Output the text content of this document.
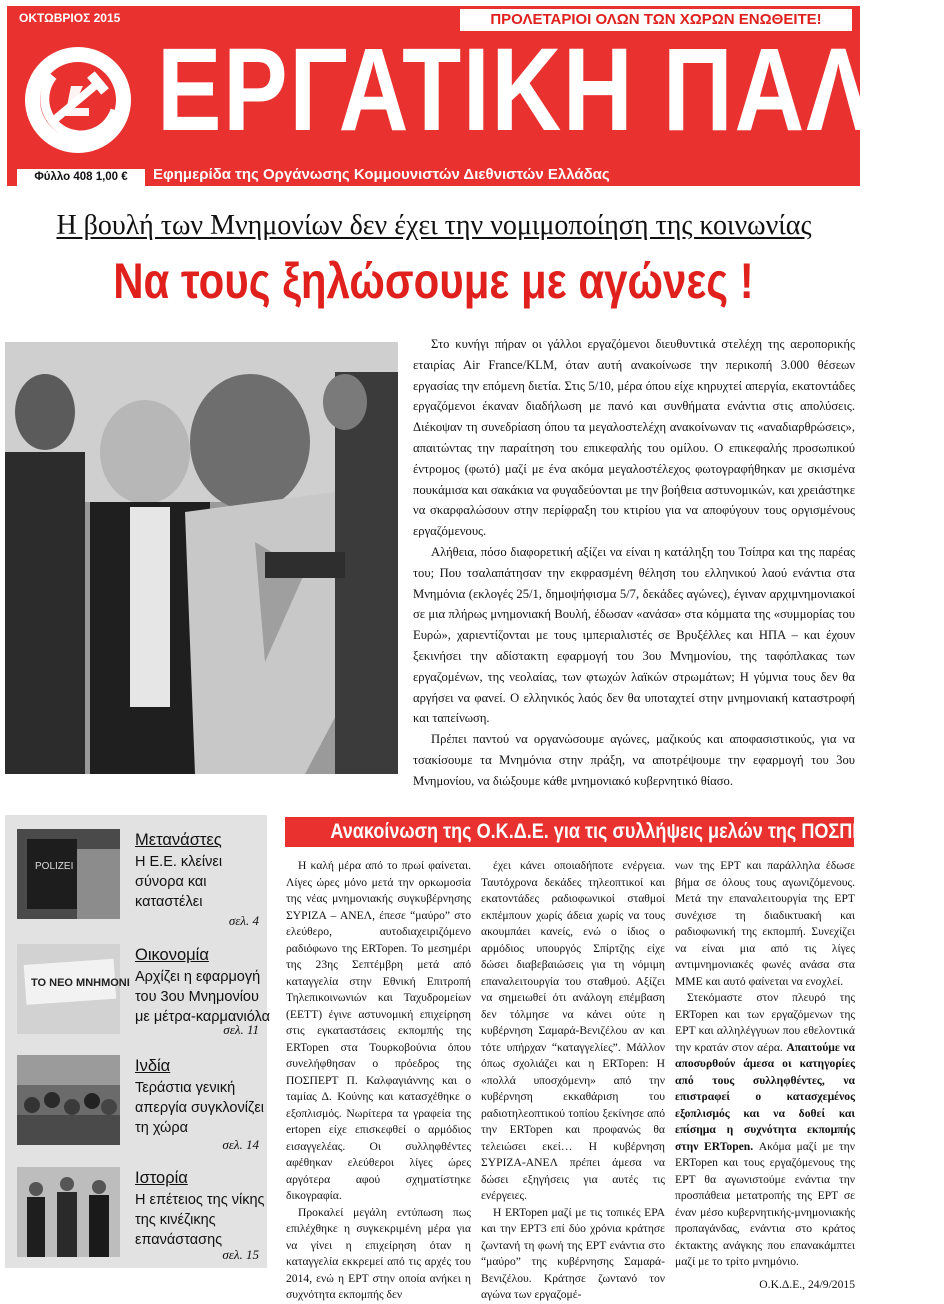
ΟΚΤΩΒΡΙΟΣ 2015	ΠΡΟΛΕΤΑΡΙΟΙ ΟΛΩΝ ΤΩΝ ΧΩΡΩΝ ΕΝΩΘΕΙΤΕ!
ΕΡΓΑΤΙΚΗ ΠΑΛΗ
Φύλλο 408 1,00 €	Εφημερίδα της Οργάνωσης Κομμουνιστών Διεθνιστών Ελλάδας
Η βουλή των Μνημονίων δεν έχει την νομιμοποίηση της κοινωνίας
Να τους ξηλώσουμε με αγώνες !

Στο κυνήγι πήραν οι γάλλοι εργαζόμενοι διευθυντικά στελέχη της αεροπορικής εταιρίας Air France/KLM, όταν αυτή ανακοίνωσε την περικοπή 3.000 θέσεων εργασίας την επόμενη διετία. Στις 5/10, μέρα όπου είχε κηρυχτεί απεργία, εκατοντάδες εργαζόμενοι έκαναν διαδήλωση με πανό και συνθήματα ενάντια στις απολύσεις. Διέκοψαν τη συνεδρίαση όπου τα μεγαλοστελέχη ανακοίνωναν τις «αναδιαρθρώσεις», απαιτώντας την παραίτηση του επικεφαλής του ομίλου. Ο επικεφαλής προσωπικού έντρομος (φωτό) μαζί με ένα ακόμα μεγαλοστέλεχος φωτογραφήθηκαν με σκισμένα πουκάμισα και σακάκια να φυγαδεύονται με την βοήθεια αστυνομικών, και χρειάστηκε να σκαρφαλώσουν στην περίφραξη του κτιρίου για να αποφύγουν τους οργισμένους εργαζόμενους.

Αλήθεια, πόσο διαφορετική αξίζει να είναι η κατάληξη του Τσίπρα και της παρέας του; Που τσαλαπάτησαν την εκφρασμένη θέληση του ελληνικού λαού ενάντια στα Μνημόνια (εκλογές 25/1, δημοψήφισμα 5/7, δεκάδες αγώνες), έγιναν αρχιμνημονιακοί σε μια πλήρως μνημονιακή Βουλή, έδωσαν «ανάσα» στα κόμματα της «συμμορίας του Ευρώ», χαριεντίζονται με τους ιμπεριαλιστές σε Βρυξέλλες και ΗΠΑ – και έχουν ξεκινήσει την αδίστακτη εφαρμογή του 3ου Μνημονίου, της ταφόπλακας των εργαζομένων, της νεολαίας, των φτωχών λαϊκών στρωμάτων; Η γύμνια τους δεν θα αργήσει να φανεί. Ο ελληνικός λαός δεν θα υποταχτεί στην μνημονιακή καταστροφή και ταπείνωση.

Πρέπει παντού να οργανώσουμε αγώνες, μαζικούς και αποφασιστικούς, για να τσακίσουμε τα Μνημόνια στην πράξη, να αποτρέψουμε την εφαρμογή του 3ου Μνημονίου, να διώξουμε κάθε μνημονιακό κυβερνητικό θίασο.

POLIZEI
Μετανάστες
Η Ε.Ε. κλείνει σύνορα και καταστέλει
σελ. 4
ΤΟ ΝΕΟ ΜΝΗΜΟΝΙ
Οικονομία
Αρχίζει η εφαρμογή του 3ου Μνημονίου με μέτρα-καρμανιόλα
σελ. 11
Ινδία
Τεράστια γενική απεργία συγκλονίζει τη χώρα
σελ. 14
Ιστορία
Η επέτειος της νίκης της κινέζικης επανάστασης
σελ. 15
Ανακοίνωση της Ο.Κ.Δ.Ε. για τις συλλήψεις μελών της ΠΟΣΠΕΡΤ

Η καλή μέρα από το πρωί φαίνεται. Λίγες ώρες μόνο μετά την ορκωμοσία της νέας μνημονιακής συγκυβέρνησης ΣΥΡΙΖΑ – ΑΝΕΛ, έπεσε “μαύρο” στο ελεύθερο, αυτοδιαχειριζόμενο ραδιόφωνο της ERTopen. Το μεσημέρι της 23ης Σεπτέμβρη μετά από καταγγελία στην Εθνική Επιτροπή Τηλεπικοινωνιών και Ταχυδρομείων (ΕΕΤΤ) έγινε αστυνομική επιχείρηση στις εγκαταστάσεις εκπομπής της ERTopen στα Τουρκοβούνια όπου συνελήφθησαν ο πρόεδρος της ΠΟΣΠΕΡΤ Π. Καλφαγιάννης και ο ταμίας Δ. Κούνης και κατασχέθηκε ο εξοπλισμός. Νωρίτερα τα γραφεία της ertopen είχε επισκεφθεί ο αρμόδιος εισαγγελέας. Οι συλληφθέντες αφέθηκαν ελεύθεροι λίγες ώρες αργότερα αφού σχηματίστηκε δικογραφία.

Προκαλεί μεγάλη εντύπωση πως επιλέχθηκε η συγκεκριμένη μέρα για να γίνει η επιχείρηση όταν η καταγγελία εκκρεμεί από τις αρχές του 2014, ενώ η ΕΡΤ στην οποία ανήκει η συχνότητα εκπομπής δεν

έχει κάνει οποιαδήποτε ενέργεια. Ταυτόχρονα δεκάδες τηλεοπτικοί και εκατοντάδες ραδιοφωνικοί σταθμοί εκπέμπουν χωρίς άδεια χωρίς να τους ακουμπάει κανείς, ενώ ο ίδιος ο αρμόδιος υπουργός Σπίρτζης είχε δώσει διαβεβαιώσεις για τη νόμιμη επαναλειτουργία του σταθμού. Αξίζει να σημειωθεί ότι ανάλογη επέμβαση δεν τόλμησε να κάνει ούτε η κυβέρνηση Σαμαρά-Βενιζέλου αν και τότε υπήρχαν “καταγγελίες”. Μάλλον όπως σχολιάζει και η ERTopen: Η «πολλά υποσχόμενη» από την κυβέρνηση εκκαθάριση του ραδιοτηλεοπτικού τοπίου ξεκίνησε από την ERTopen και προφανώς θα τελειώσει εκεί… Η κυβέρνηση ΣΥΡΙΖΑ-ΑΝΕΛ πρέπει άμεσα να δώσει εξηγήσεις για αυτές τις ενέργειες.

Η ERTopen μαζί με τις τοπικές ΕΡΑ και την ΕΡΤ3 επί δύο χρόνια κράτησε ζωντανή τη φωνή της ΕΡΤ ενάντια στο “μαύρο” της κυβέρνησης Σαμαρά-Βενιζέλου. Κράτησε ζωντανό τον αγώνα των εργαζομέ-

νων της ΕΡΤ και παράλληλα έδωσε βήμα σε όλους τους αγωνιζόμενους. Μετά την επαναλειτουργία της ΕΡΤ συνέχισε τη διαδικτυακή και ραδιοφωνική της εκπομπή. Συνεχίζει να είναι μια από τις λίγες αντιμνημονιακές φωνές ανάσα στα ΜΜΕ και αυτό φαίνεται να ενοχλεί.

Στεκόμαστε στον πλευρό της ERTopen και των εργαζόμενων της ΕΡΤ και αλληλέγγυων που εθελοντικά την κρατάν στον αέρα. Απαιτούμε να αποσυρθούν άμεσα οι κατηγορίες από τους συλληφθέντες, να επιστραφεί ο κατασχεμένος εξοπλισμός και να δοθεί και επίσημα η συχνότητα εκπομπής στην ERTopen. Ακόμα μαζί με την ERTopen και τους εργαζόμενους της ΕΡΤ θα αγωνιστούμε ενάντια την προσπάθεια μετατροπής της ΕΡΤ σε έναν μέσο κυβερνητικής-μνημονιακής προπαγάνδας, ενάντια στο κράτος έκτακτης ανάγκης που επανακάμπτει μαζί με το τρίτο μνημόνιο.

Ο.Κ.Δ.Ε., 24/9/2015
